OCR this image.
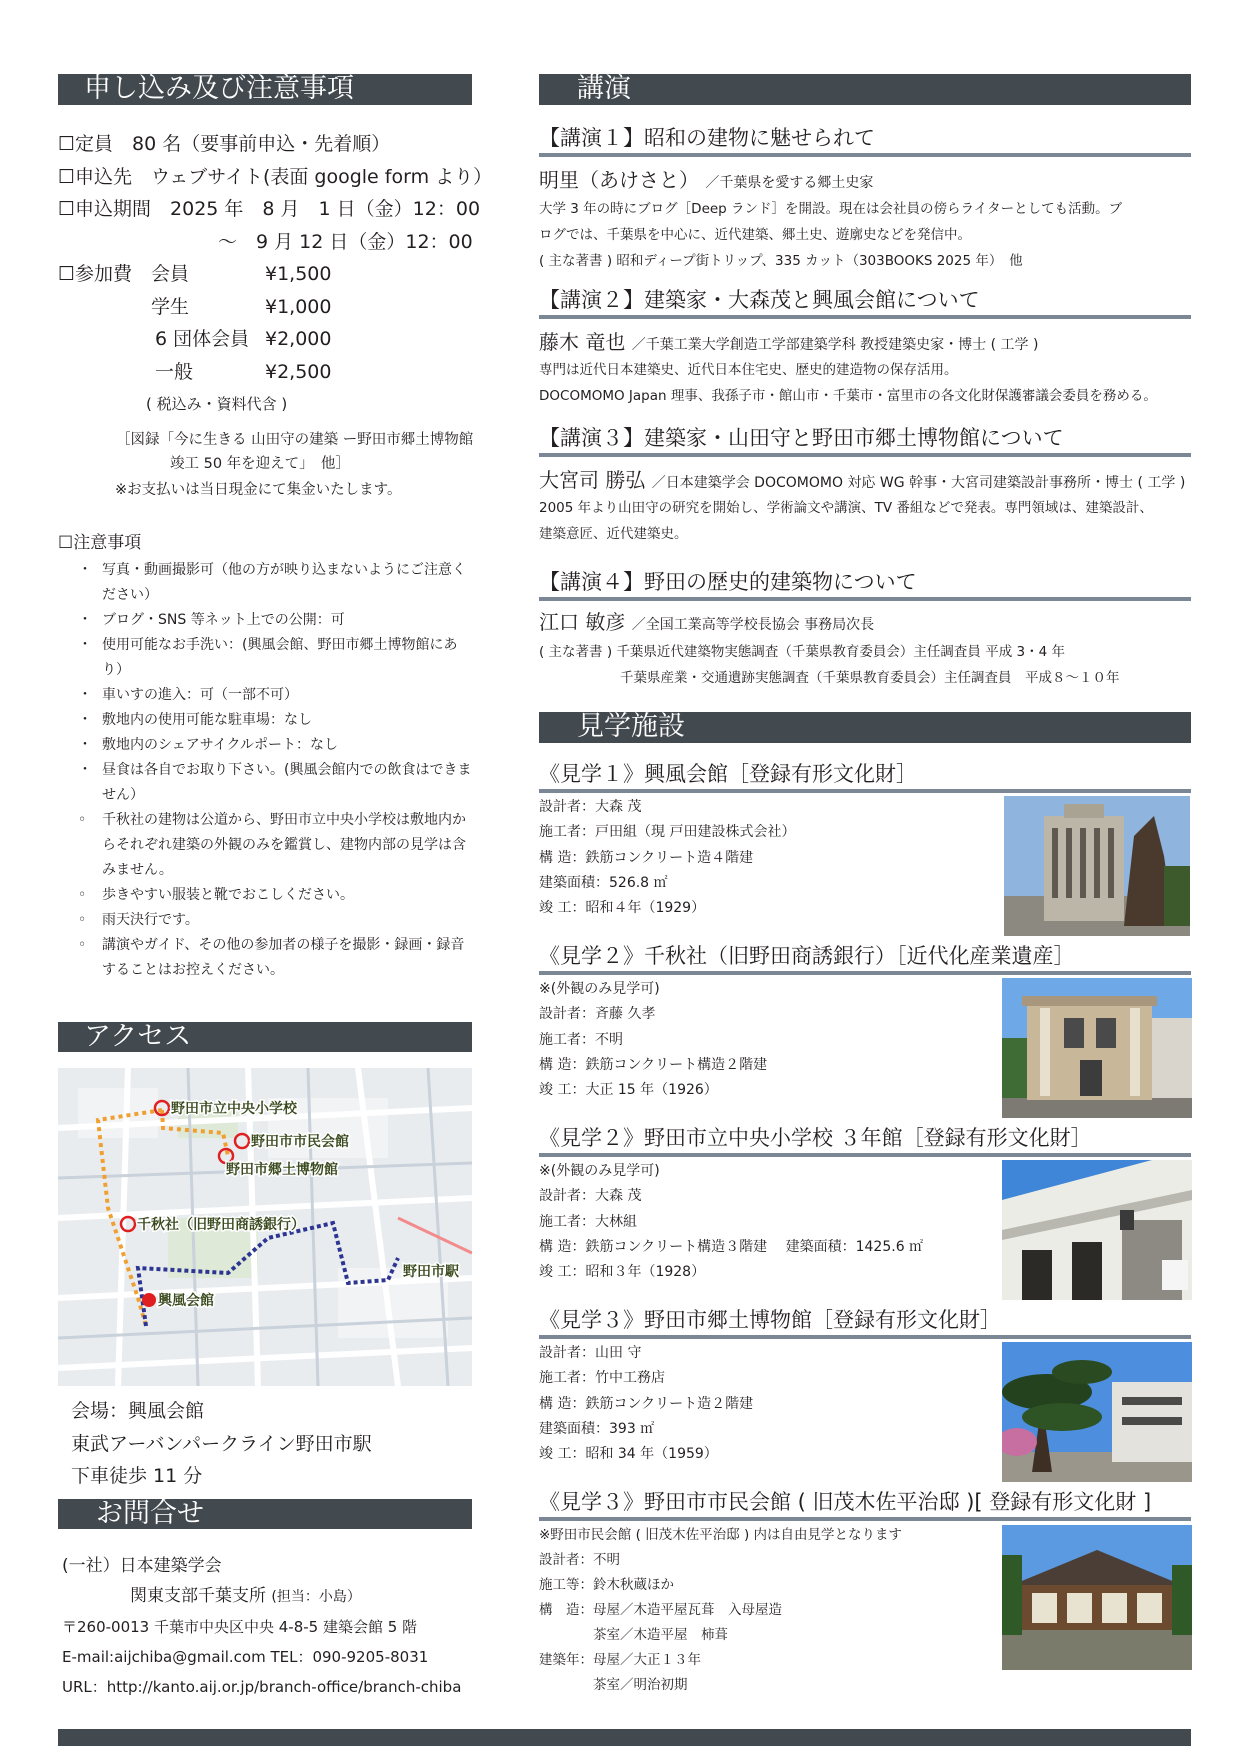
申し込み及び注意事項
☐定員　80 名（要事前申込・先着順）
☐申込先　ウェブサイト(表面 google form より）
☐申込期間　2025 年　8 月　1 日（金）12：00
〜　9 月 12 日（金）12：00
☐参加費 会員	¥1,500
学生	¥1,000
6 団体会員 ¥2,000
一般	¥2,500
( 税込み・資料代含 )
［図録「今に生きる 山田守の建築 ー野田市郷土博物館
竣工 50 年を迎えて」　他］
※お支払いは当日現金にて集金いたします。
☐注意事項
・ 写真・動画撮影可（他の方が映り込まないようにご注意ください）
・ ブログ・SNS 等ネット上での公開：可
・ 使用可能なお手洗い：(興風会館、野田市郷土博物館にあり）
・ 車いすの進入：可（一部不可）
・ 敷地内の使用可能な駐車場：なし
・ 敷地内のシェアサイクルポート：なし
・ 昼食は各自でお取り下さい。(興風会館内での飲食はできません）
◦ 千秋社の建物は公道から、野田市立中央小学校は敷地内からそれぞれ建築の外観のみを鑑賞し、建物内部の見学は含みません。
◦ 歩きやすい服装と靴でおこしください。
◦ 雨天決行です。
◦ 講演やガイド、その他の参加者の様子を撮影・録画・録音することはお控えください。
アクセス
野田市立中央小学校
野田市市民会館
野田市郷土博物館
千秋社（旧野田商誘銀行）
興風会館
野田市駅
会場：興風会館
東武アーバンパークライン野田市駅
下車徒歩 11 分
お問合せ
(一社）日本建築学会
関東支部千葉支所 (担当：小島）
〒260-0013 千葉市中央区中央 4-8-5 建築会館 5 階
E-mail:aijchiba@gmail.com TEL：090-9205-8031
URL：http://kanto.aij.or.jp/branch-office/branch-chiba
講演
【講演１】昭和の建物に魅せられて
明里（あけさと） ／千葉県を愛する郷土史家
大学 3 年の時にブログ［Deep ランド］を開設。現在は会社員の傍らライターとしても活動。ブ
ログでは、千葉県を中心に、近代建築、郷土史、遊廓史などを発信中。
( 主な著書 ) 昭和ディープ街トリップ、335 カット（303BOOKS 2025 年）　他
【講演２】建築家・大森茂と興風会館について
藤木 竜也 ／千葉工業大学創造工学部建築学科 教授建築史家・博士 ( 工学 )
専門は近代日本建築史、近代日本住宅史、歴史的建造物の保存活用。
DOCOMOMO Japan 理事、我孫子市・館山市・千葉市・富里市の各文化財保護審議会委員を務める。
【講演３】建築家・山田守と野田市郷土博物館について
大宮司 勝弘 ／日本建築学会 DOCOMOMO 対応 WG 幹事・大宮司建築設計事務所・博士 ( 工学 )
2005 年より山田守の研究を開始し、学術論文や講演、TV 番組などで発表。専門領域は、建築設計、
建築意匠、近代建築史。
【講演４】野田の歴史的建築物について
江口 敏彦 ／全国工業高等学校長協会 事務局次長
( 主な著書 ) 千葉県近代建築物実態調査（千葉県教育委員会）主任調査員 平成 3・4 年
　　　　　　千葉県産業・交通遺跡実態調査（千葉県教育委員会）主任調査員　平成８〜１０年
見学施設
《見学１》興風会館［登録有形文化財］
設計者：大森 茂
施工者：戸田組（現 戸田建設株式会社）
構 造：鉄筋コンクリート造４階建
建築面積：526.8 ㎡
竣 工：昭和４年（1929）
《見学２》千秋社（旧野田商誘銀行）［近代化産業遺産］
※(外観のみ見学可)
設計者：斉藤 久孝
施工者：不明
構 造：鉄筋コンクリート構造２階建
竣 工：大正 15 年（1926）
《見学２》野田市立中央小学校 ３年館［登録有形文化財］
※(外観のみ見学可)
設計者：大森 茂
施工者：大林組
構 造：鉄筋コンクリート構造３階建　 建築面積：1425.6 ㎡
竣 工：昭和３年（1928）
《見学３》野田市郷土博物館［登録有形文化財］
設計者：山田 守
施工者：竹中工務店
構 造：鉄筋コンクリート造２階建
建築面積：393 ㎡
竣 工：昭和 34 年（1959）
《見学３》野田市市民会館 ( 旧茂木佐平治邸 )[ 登録有形文化財 ]
※野田市民会館 ( 旧茂木佐平治邸 ) 内は自由見学となります
設計者：不明
施工等：鈴木秋蔵ほか
構　造：母屋／木造平屋瓦葺　入母屋造
　　　　茶室／木造平屋　柿葺
建築年：母屋／大正１３年
　　　　茶室／明治初期
